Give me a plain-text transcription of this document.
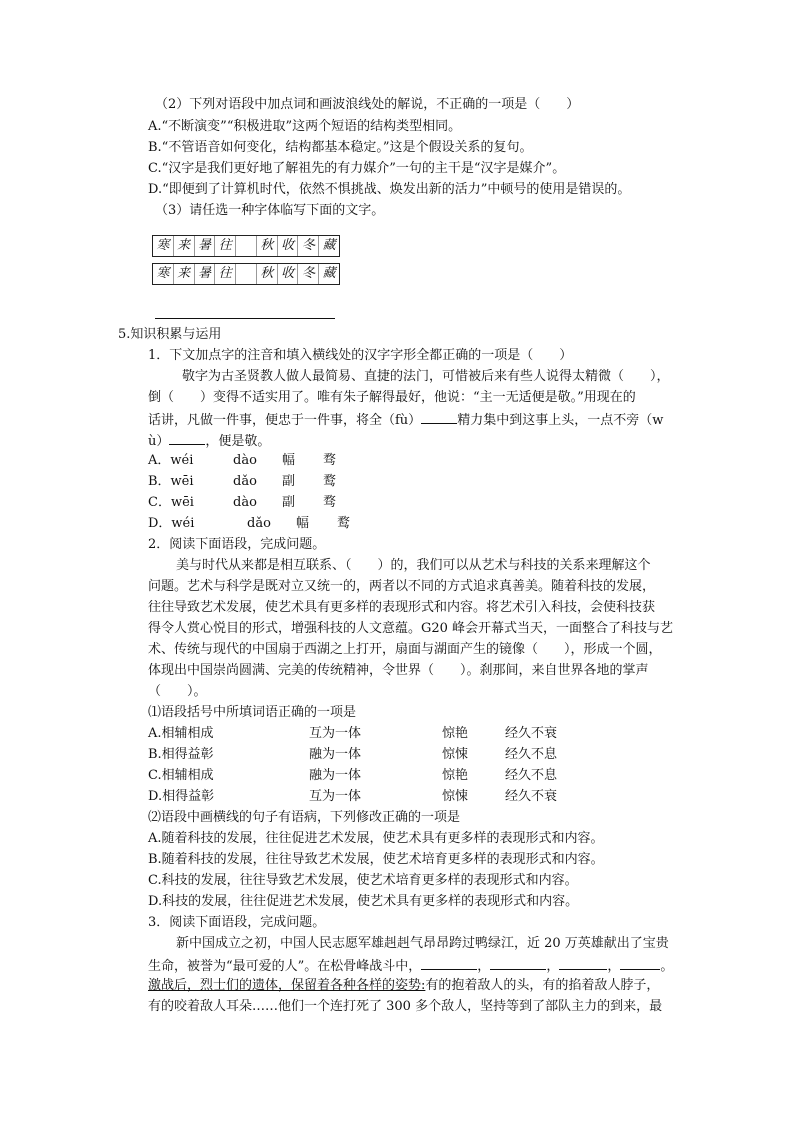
（2）下列对语段中加点词和画波浪线处的解说，不正确的一项是（　　）
A.“不断演变”“积极进取”这两个短语的结构类型相同。
B.“不管语音如何变化，结构都基本稳定。”这是个假设关系的复句。
C.“汉字是我们更好地了解祖先的有力媒介”一句的主干是“汉字是媒介”。
D.“即便到了计算机时代，依然不惧挑战、焕发出新的活力”中顿号的使用是错误的。
（3）请任选一种字体临写下面的文字。
寒 来 暑 往	秋 收 冬 藏
寒 来 暑 往	秋 收 冬 藏
5.知识积累与运用
1．下文加点字的注音和填入横线处的汉字字形全都正确的一项是（　　）
敬字为古圣贤教人做人最简易、直捷的法门，可惜被后来有些人说得太精微（　　），
倒（　　）变得不适实用了。唯有朱子解得最好，他说：“主一无适便是敬。”用现在的
话讲，凡做一件事，便忠于一件事，将全（fù）	精力集中到这事上头，一点不旁（w
ù）	，便是敬。
A．wéi	dào 幅 骛
B．wēi	dǎo 副 鹜
C．wēi	dào 副 骛
D．wéi	dǎo 幅 鹜
2．阅读下面语段，完成问题。
美与时代从来都是相互联系、（　　）的，我们可以从艺术与科技的关系来理解这个
问题。艺术与科学是既对立又统一的，两者以不同的方式追求真善美。随着科技的发展，
往往导致艺术发展，使艺术具有更多样的表现形式和内容。将艺术引入科技，会使科技获
得令人赏心悦目的形式，增强科技的人文意蕴。G20 峰会开幕式当天，一面整合了科技与艺
术、传统与现代的中国扇于西湖之上打开，扇面与湖面产生的镜像（　　），形成一个圆，
体现出中国崇尚圆满、完美的传统精神，令世界（　　）。刹那间，来自世界各地的掌声
（　　）。
⑴语段括号中所填词语正确的一项是
A.相辅相成	互为一体	惊艳	经久不衰
B.相得益彰	融为一体	惊悚	经久不息
C.相辅相成	融为一体	惊艳	经久不息
D.相得益彰	互为一体	惊悚	经久不衰
⑵语段中画横线的句子有语病，下列修改正确的一项是
A.随着科技的发展，往往促进艺术发展，使艺术具有更多样的表现形式和内容。
B.随着科技的发展，往往导致艺术发展，使艺术培育更多样的表现形式和内容。
C.科技的发展，往往导致艺术发展，使艺术培育更多样的表现形式和内容。
D.科技的发展，往往促进艺术发展，使艺术具有更多样的表现形式和内容。
3．阅读下面语段，完成问题。
新中国成立之初，中国人民志愿军雄赳赳气昂昂跨过鸭绿江，近 20 万英雄献出了宝贵
生命，被誉为“最可爱的人”。在松骨峰战斗中，	，	，	，	。
激战后，烈士们的遗体，保留着各种各样的姿势:有的抱着敌人的头，有的掐着敌人脖子，
有的咬着敌人耳朵……他们一个连打死了 300 多个敌人，坚持等到了部队主力的到来，最
